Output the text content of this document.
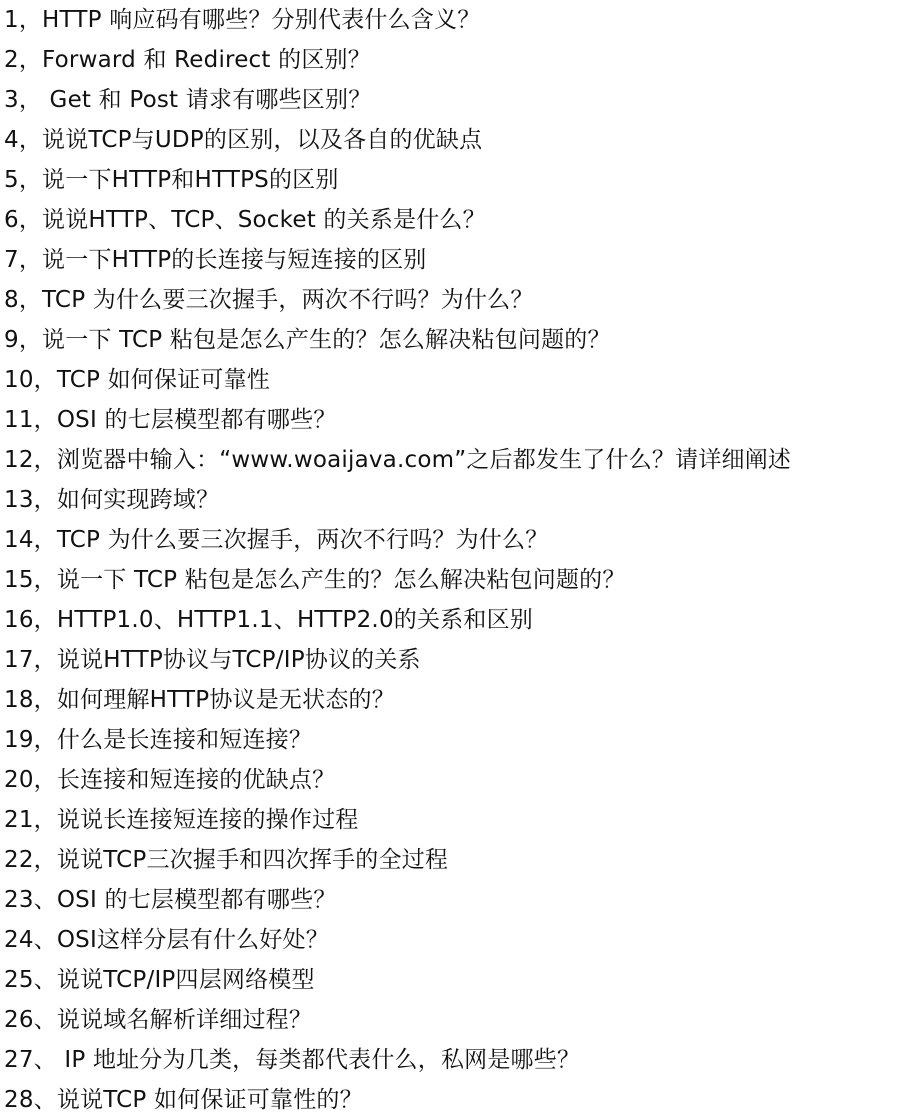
1，HTTP 响应码有哪些？分别代表什么含义？
2，Forward 和 Redirect 的区别？
3， Get 和 Post 请求有哪些区别？
4，说说TCP与UDP的区别，以及各自的优缺点
5，说一下HTTP和HTTPS的区别
6，说说HTTP、TCP、Socket 的关系是什么？
7，说一下HTTP的长连接与短连接的区别
8，TCP 为什么要三次握手，两次不行吗？为什么？
9，说一下 TCP 粘包是怎么产生的？怎么解决粘包问题的？
10，TCP 如何保证可靠性
11，OSI 的七层模型都有哪些？
12，浏览器中输入：“www.woaijava.com”之后都发生了什么？请详细阐述
13，如何实现跨域？
14，TCP 为什么要三次握手，两次不行吗？为什么？
15，说一下 TCP 粘包是怎么产生的？怎么解决粘包问题的？
16，HTTP1.0、HTTP1.1、HTTP2.0的关系和区别
17，说说HTTP协议与TCP/IP协议的关系
18，如何理解HTTP协议是无状态的？
19，什么是长连接和短连接？
20，长连接和短连接的优缺点？
21，说说长连接短连接的操作过程
22，说说TCP三次握手和四次挥手的全过程
23、OSI 的七层模型都有哪些？
24、OSI这样分层有什么好处？
25、说说TCP/IP四层网络模型
26、说说域名解析详细过程？
27、 IP 地址分为几类，每类都代表什么，私网是哪些？
28、说说TCP 如何保证可靠性的？
